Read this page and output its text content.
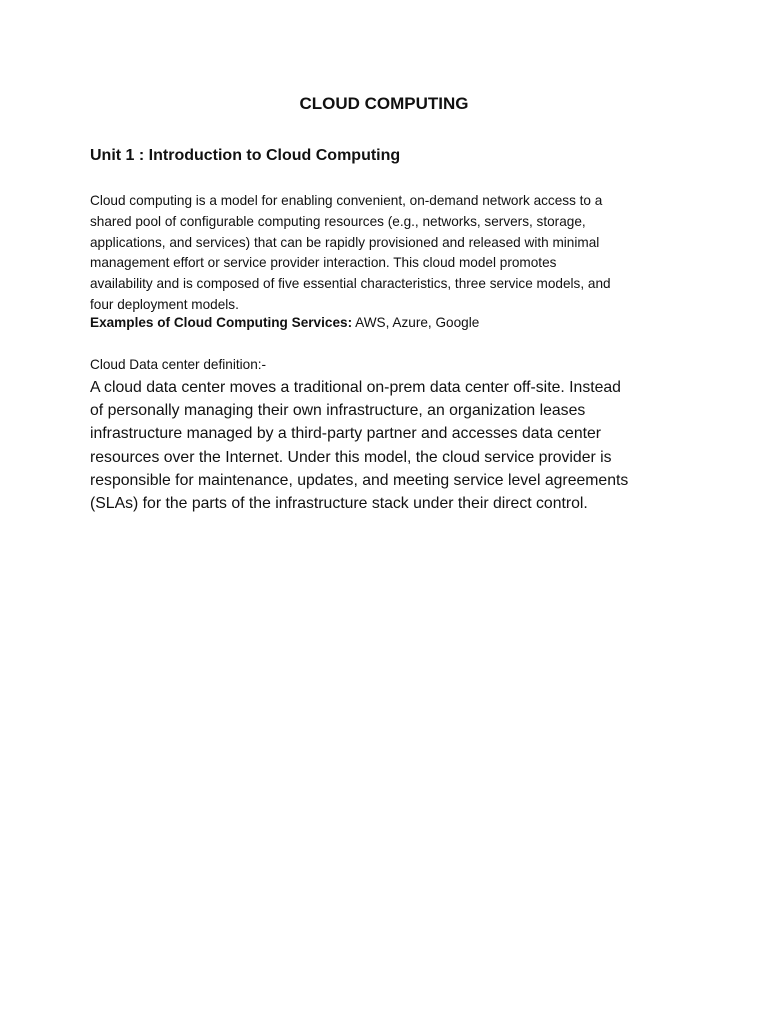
CLOUD COMPUTING
Unit 1 : Introduction to Cloud Computing

Cloud computing is a model for enabling convenient, on-demand network access to a
shared pool of configurable computing resources (e.g., networks, servers, storage,
applications, and services) that can be rapidly provisioned and released with minimal
management effort or service provider interaction. This cloud model promotes
availability and is composed of five essential characteristics, three service models, and
four deployment models.

Examples of Cloud Computing Services: AWS, Azure, Google

Cloud Data center definition:-

A cloud data center moves a traditional on-prem data center off-site. Instead
of personally managing their own infrastructure, an organization leases
infrastructure managed by a third-party partner and accesses data center
resources over the Internet. Under this model, the cloud service provider is
responsible for maintenance, updates, and meeting service level agreements
(SLAs) for the parts of the infrastructure stack under their direct control.
